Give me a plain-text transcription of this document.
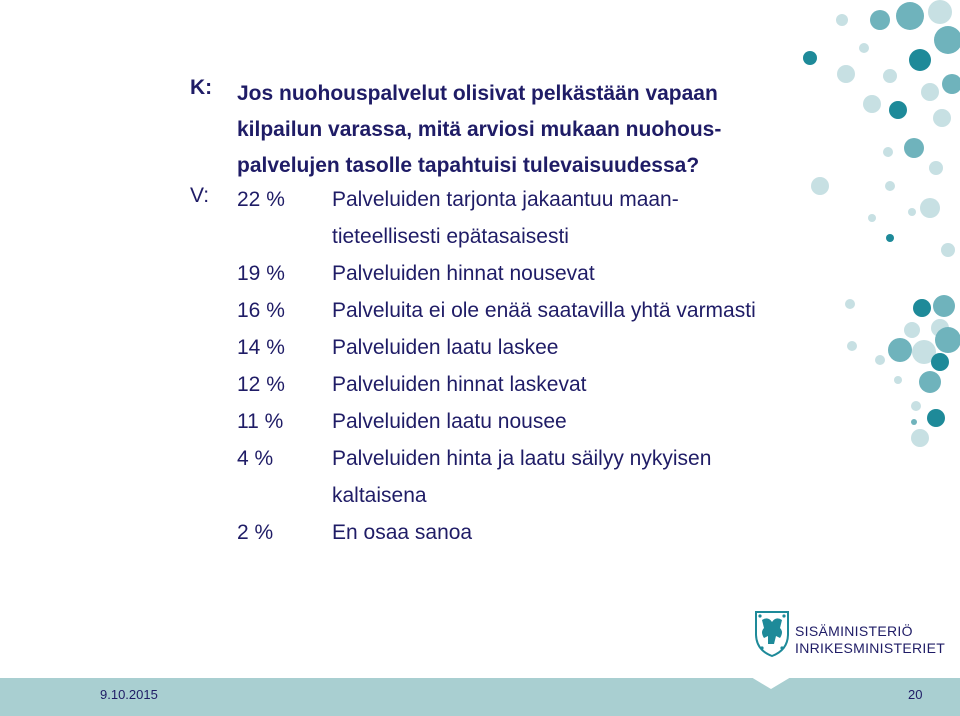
K: Jos nuohouspalvelut olisivat pelkästään vapaan
kilpailun varassa, mitä arviosi mukaan nuohous-
palvelujen tasolle tapahtuisi tulevaisuudessa?
V: 22 % Palveluiden tarjonta jakaantuu maan-
tieteellisesti epätasaisesti
19 % Palveluiden hinnat nousevat
16 % Palveluita ei ole enää saatavilla yhtä varmasti
14 % Palveluiden laatu laskee
12 % Palveluiden hinnat laskevat
11 % Palveluiden laatu nousee
4 %	Palveluiden hinta ja laatu säilyy nykyisen
kaltaisena
2 %	En osaa sanoa
SISÄMINISTERIÖ
INRIKESMINISTERIET
9.10.2015	20
